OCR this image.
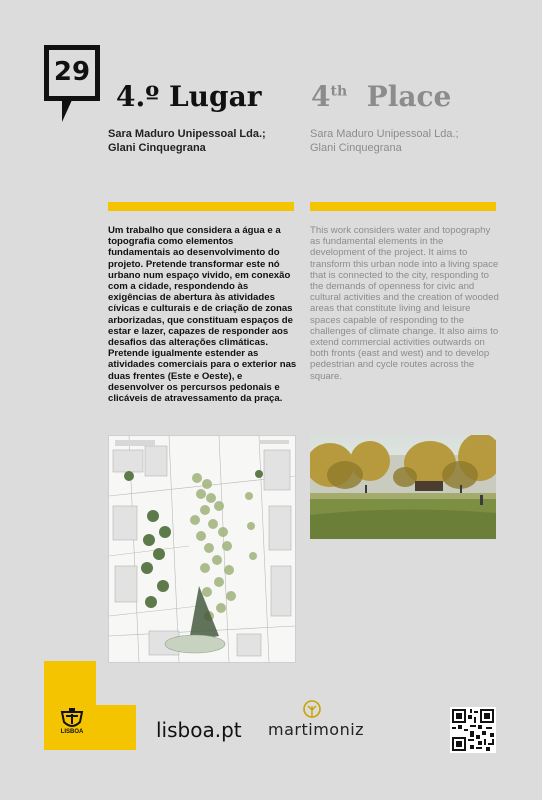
29
4.º Lugar 4th Place
Sara Maduro Unipessoal Lda.;
Glani Cinquegrana
Sara Maduro Unipessoal Lda.;
Glani Cinquegrana
Um trabalho que considera a água e a topografia como elementos fundamentais ao desenvolvimento do projeto. Pretende transformar este nó urbano num espaço vivido, em conexão com a cidade, respondendo às exigências de abertura às atividades cívicas e culturais e de criação de zonas arborizadas, que constituam espaços de estar e lazer, capazes de responder aos desafios das alterações climáticas. Pretende igualmente estender as atividades comerciais para o exterior nas duas frentes (Este e Oeste), e desenvolver os percursos pedonais e clicáveis de atravessamento da praça.
This work considers water and topography as fundamental elements in the development of the project. It aims to transform this urban node into a living space that is connected to the city, responding to the demands of openness for civic and cultural activities and the creation of wooded areas that constitute living and leisure spaces capable of responding to the challenges of climate change. It also aims to extend commercial activities outwards on both fronts (east and west) and to develop pedestrian and cycle routes across the square.
LISBOA	lisboa.pt martimoniz
